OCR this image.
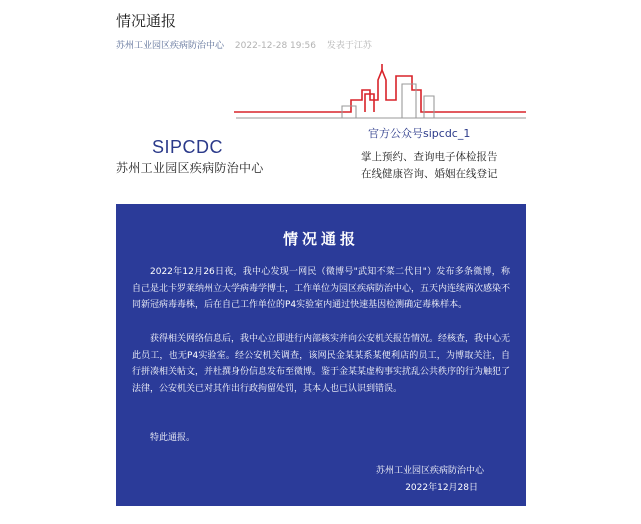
情况通报
苏州工业园区疾病防治中心 2022-12-28 19:56 发表于江苏
SIPCDC
苏州工业园区疾病防治中心
官方公众号sipcdc_1
掌上预约、查询电子体检报告
在线健康咨询、婚姻在线登记
情况通报

2022年12月26日夜，我中心发现一网民（微博号"武知不菜二代目"）发布多条微博，称自己是北卡罗莱纳州立大学病毒学博士，工作单位为园区疾病防治中心，五天内连续两次感染不同新冠病毒毒株，后在自己工作单位的P4实验室内通过快速基因检测确定毒株样本。

获得相关网络信息后，我中心立即进行内部核实并向公安机关报告情况。经核查，我中心无此员工，也无P4实验室。经公安机关调查，该网民金某某系某便利店的员工，为博取关注，自行拼凑相关帖文，并杜撰身份信息发布至微博。鉴于金某某虚构事实扰乱公共秩序的行为触犯了法律，公安机关已对其作出行政拘留处罚，其本人也已认识到错误。

特此通报。

苏州工业园区疾病防治中心
2022年12月28日
